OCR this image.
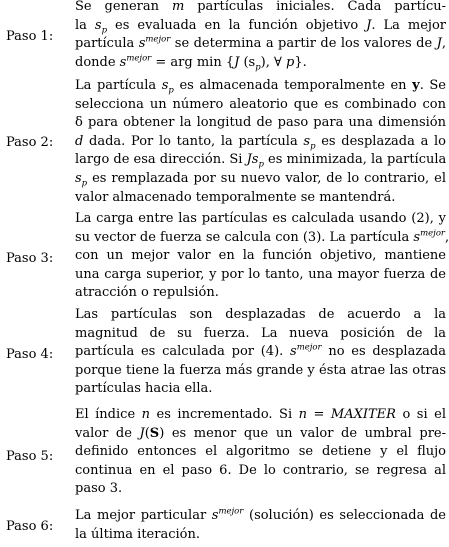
Paso 1:
Se generan m partículas iniciales. Cada partícu-
la $s_p$ es evaluada en la función objetivo J. La mejor
partícula $s^{mejor}$ se determina a partir de los valores de J,
donde $s^{mejor}$ = arg min {J $(s_p)$, ∀ p}.
Paso 2:
La partícula $s_p$ es almacenada temporalmente en y. Se
selecciona un número aleatorio que es combinado con
δ para obtener la longitud de paso para una dimensión
d dada. Por lo tanto, la partícula $s_p$ es desplazada a lo
largo de esa dirección. Si $Js_p$ es minimizada, la partícula
$s_p$ es remplazada por su nuevo valor, de lo contrario, el
valor almacenado temporalmente se mantendrá.
Paso 3:
La carga entre las partículas es calculada usando (2), y
su vector de fuerza se calcula con (3). La partícula $s^{mejor}$,
con un mejor valor en la función objetivo, mantiene
una carga superior, y por lo tanto, una mayor fuerza de
atracción o repulsión.
Paso 4:
Las partículas son desplazadas de acuerdo a la
magnitud de su fuerza. La nueva posición de la
partícula es calculada por (4). $s^{mejor}$ no es desplazada
porque tiene la fuerza más grande y ésta atrae las otras
partículas hacia ella.
Paso 5:
El índice n es incrementado. Si n = MAXITER o si el
valor de J(S) es menor que un valor de umbral pre-
definido entonces el algoritmo se detiene y el flujo
continua en el paso 6. De lo contrario, se regresa al
paso 3.
Paso 6:
La mejor particular $s^{mejor}$ (solución) es seleccionada de
la última iteración.
